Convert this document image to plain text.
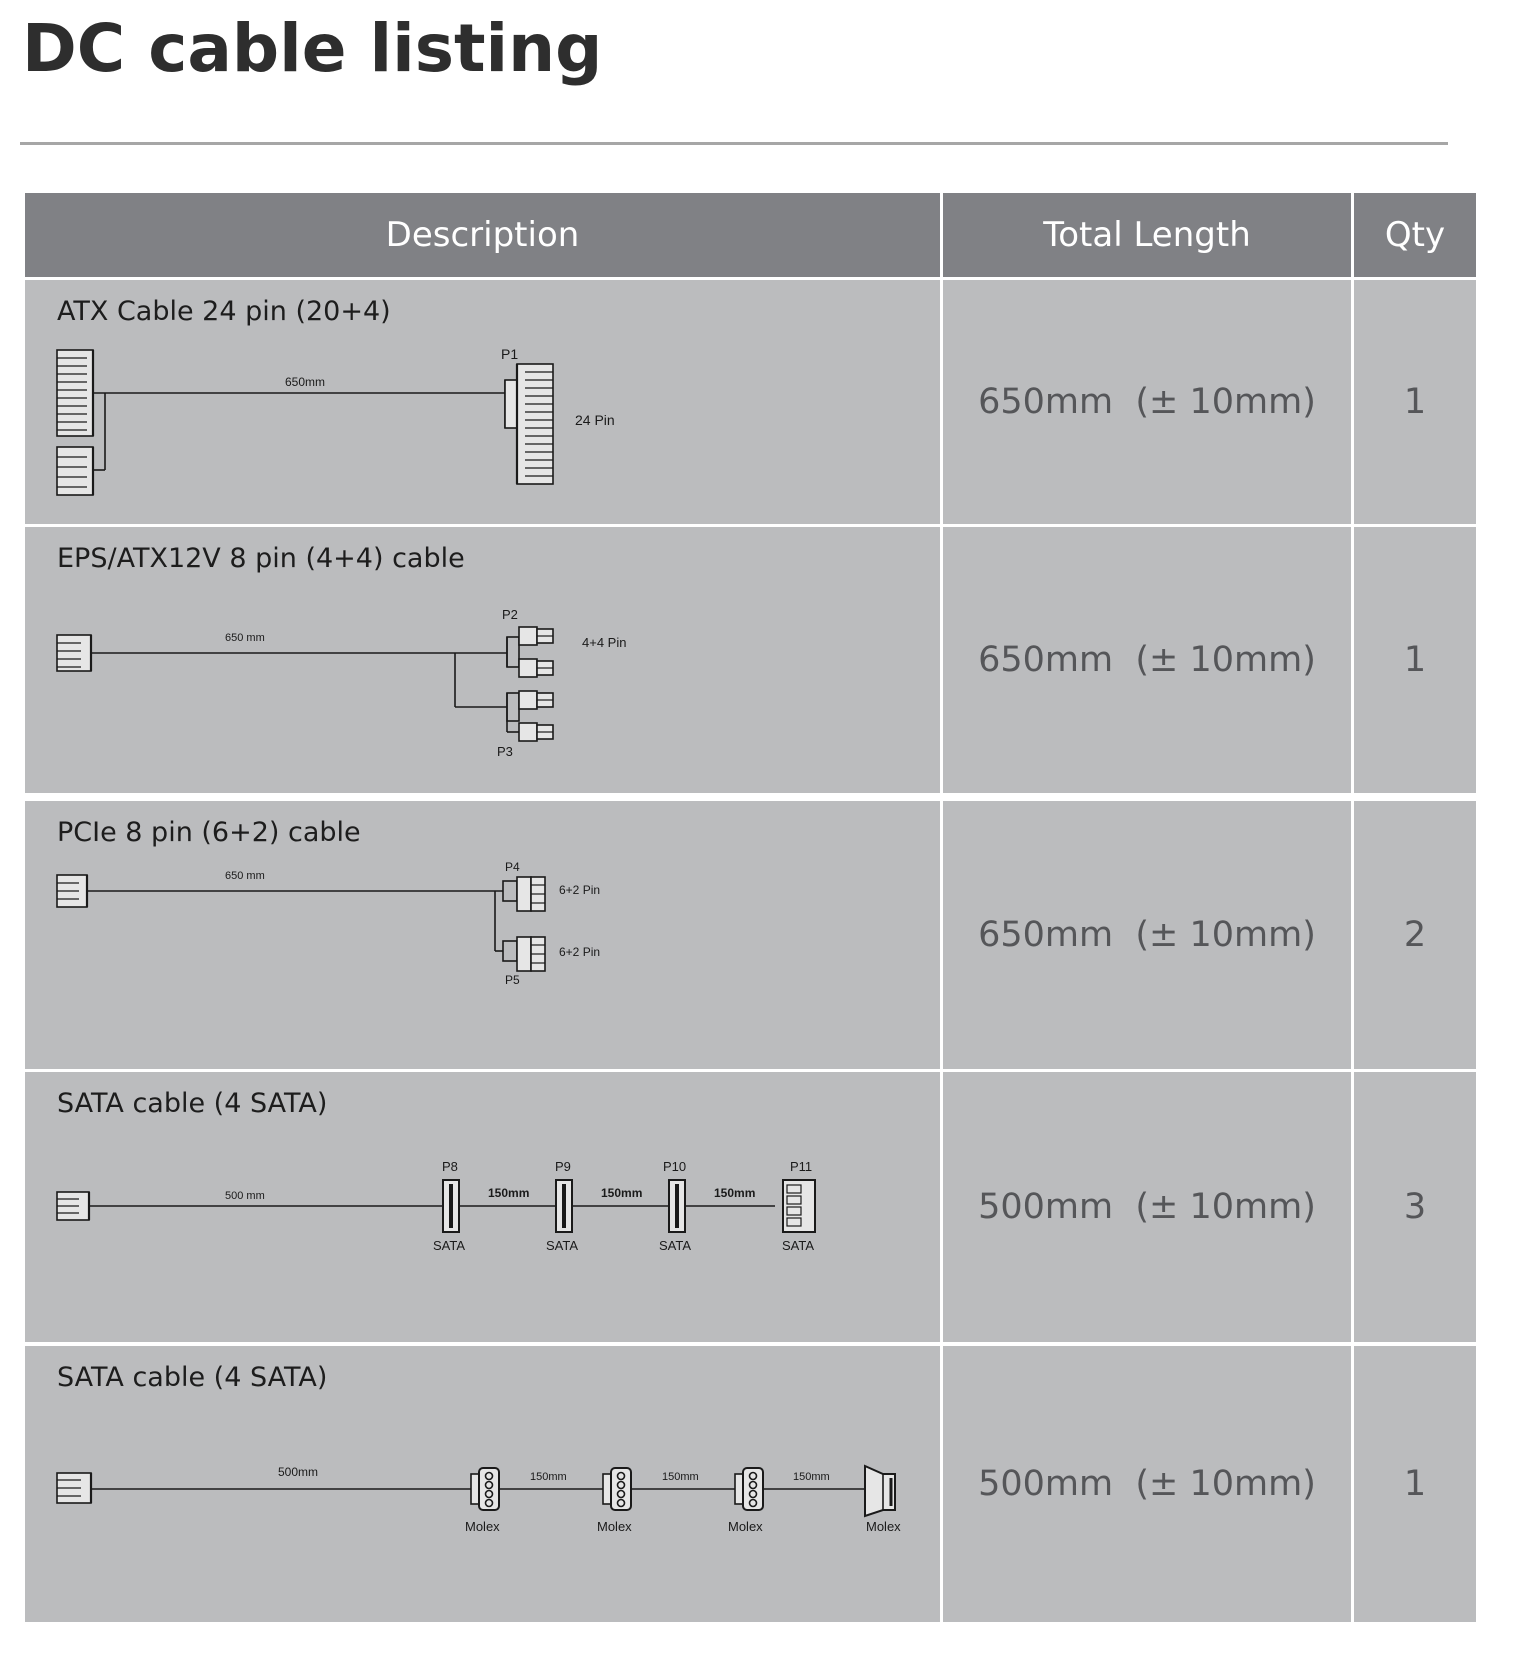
DC cable listing
Description	Total Length	Qty
ATX Cable 24 pin (20+4)
650mm
P1
24 Pin	650mm  (± 10mm)	1
EPS/ATX12V 8 pin (4+4) cable
650 mm
P2
P3
4+4 Pin	650mm  (± 10mm)	1
PCIe 8 pin (6+2) cable
650 mm
P4
P5
6+2 Pin
6+2 Pin	650mm  (± 10mm)	2
SATA cable (4 SATA)
500 mm	150mm	150mm	150mm
P8	P9	P10	P11
SATA	SATA	SATA	SATA
500mm  (± 10mm)	3
SATA cable (4 SATA)
500mm	150mm	150mm	150mm
Molex	Molex	Molex	Molex
500mm  (± 10mm)	1
